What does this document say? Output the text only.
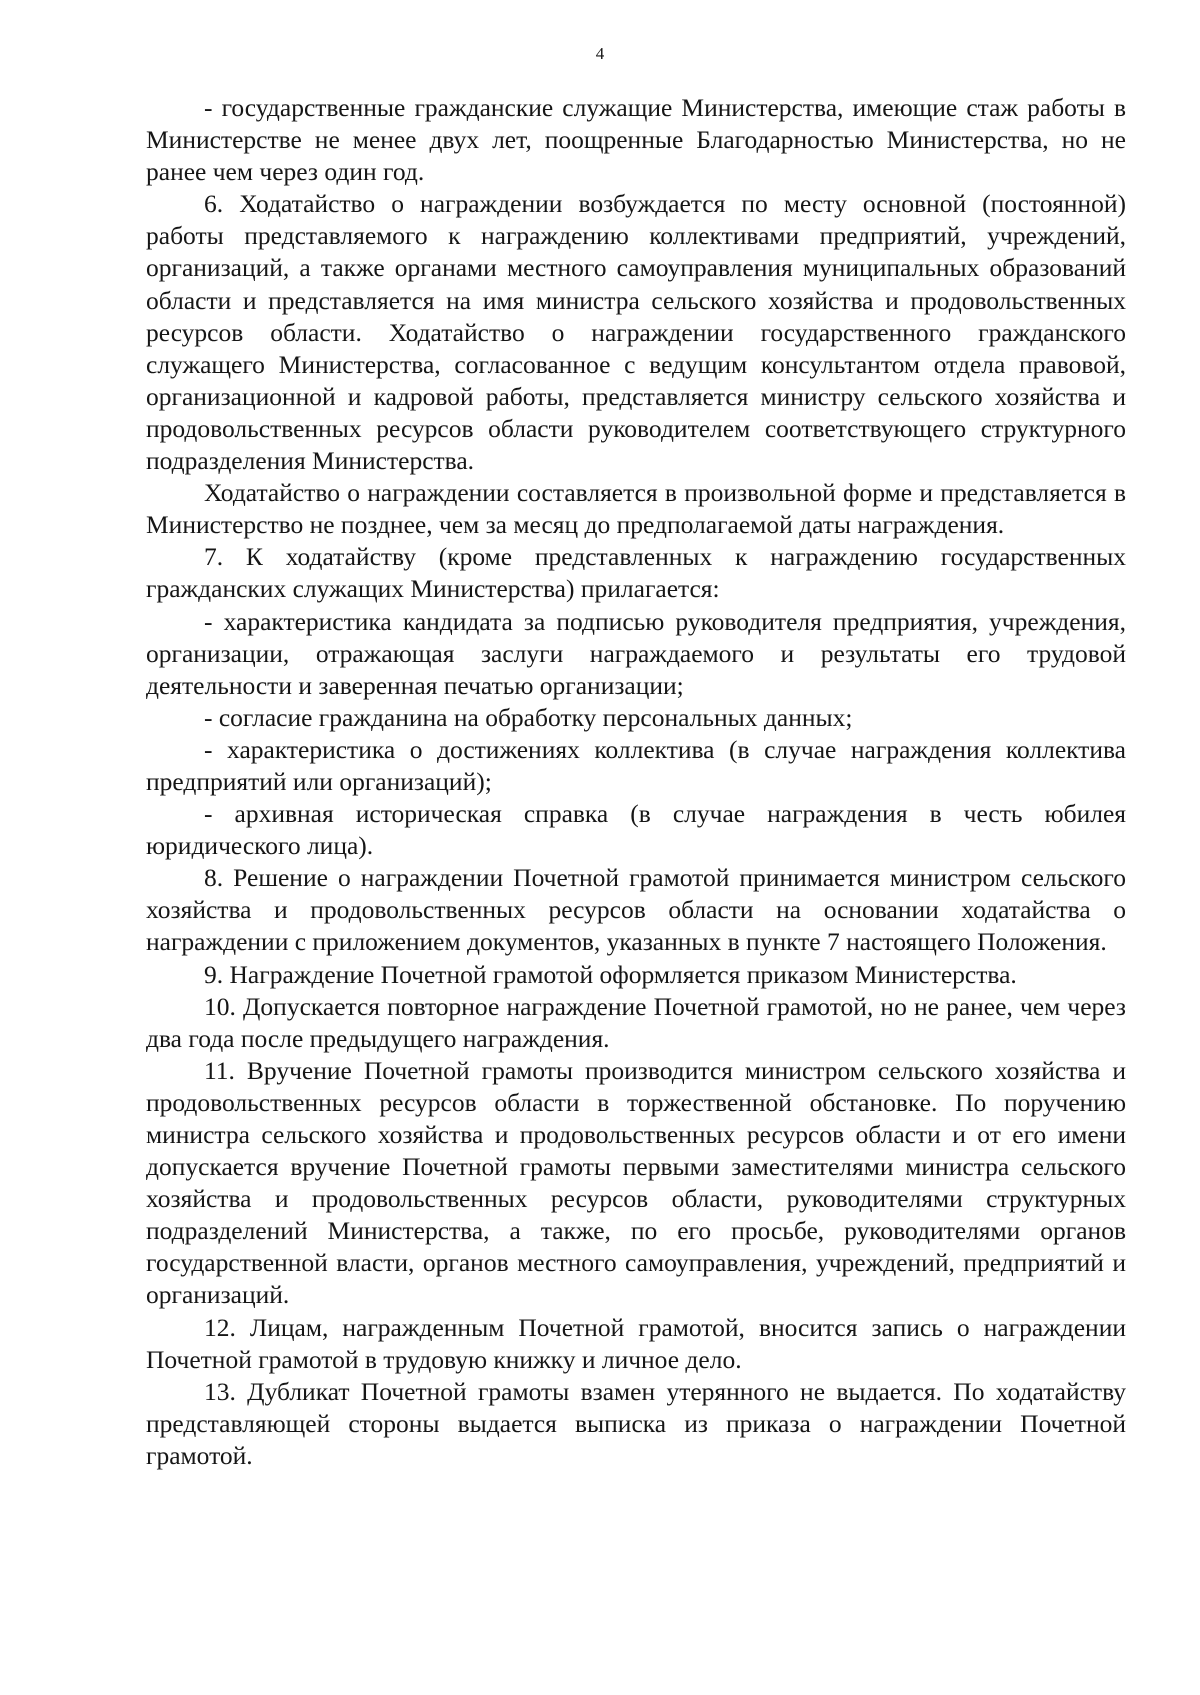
4

- государственные гражданские служащие Министерства, имеющие стаж работы в Министерстве не менее двух лет, поощренные Благодарностью Министерства, но не ранее чем через один год.

6. Ходатайство о награждении возбуждается по месту основной (постоянной) работы представляемого к награждению коллективами предприятий, учреждений, организаций, а также органами местного самоуправления муниципальных образований области и представляется на имя министра сельского хозяйства и продовольственных ресурсов области. Ходатайство о награждении государственного гражданского служащего Министерства, согласованное с ведущим консультантом отдела правовой, организационной и кадровой работы, представляется министру сельского хозяйства и продовольственных ресурсов области руководителем соответствующего структурного подразделения Министерства.

Ходатайство о награждении составляется в произвольной форме и представляется в Министерство не позднее, чем за месяц до предполагаемой даты награждения.

7. К ходатайству (кроме представленных к награждению государственных гражданских служащих Министерства) прилагается:

- характеристика кандидата за подписью руководителя предприятия, учреждения, организации, отражающая заслуги награждаемого и результаты его трудовой деятельности и заверенная печатью организации;

- согласие гражданина на обработку персональных данных;

- характеристика о достижениях коллектива (в случае награждения коллектива предприятий или организаций);

- архивная историческая справка (в случае награждения в честь юбилея юридического лица).

8. Решение о награждении Почетной грамотой принимается министром сельского хозяйства и продовольственных ресурсов области на основании ходатайства о награждении с приложением документов, указанных в пункте 7 настоящего Положения.

9. Награждение Почетной грамотой оформляется приказом Министерства.

10. Допускается повторное награждение Почетной грамотой, но не ранее, чем через два года после предыдущего награждения.

11. Вручение Почетной грамоты производится министром сельского хозяйства и продовольственных ресурсов области в торжественной обстановке. По поручению министра сельского хозяйства и продовольственных ресурсов области и от его имени допускается вручение Почетной грамоты первыми заместителями министра сельского хозяйства и продовольственных ресурсов области, руководителями структурных подразделений Министерства, а также, по его просьбе, руководителями органов государственной власти, органов местного самоуправления, учреждений, предприятий и организаций.

12. Лицам, награжденным Почетной грамотой, вносится запись о награждении Почетной грамотой в трудовую книжку и личное дело.

13. Дубликат Почетной грамоты взамен утерянного не выдается. По ходатайству представляющей стороны выдается выписка из приказа о награждении Почетной грамотой.
